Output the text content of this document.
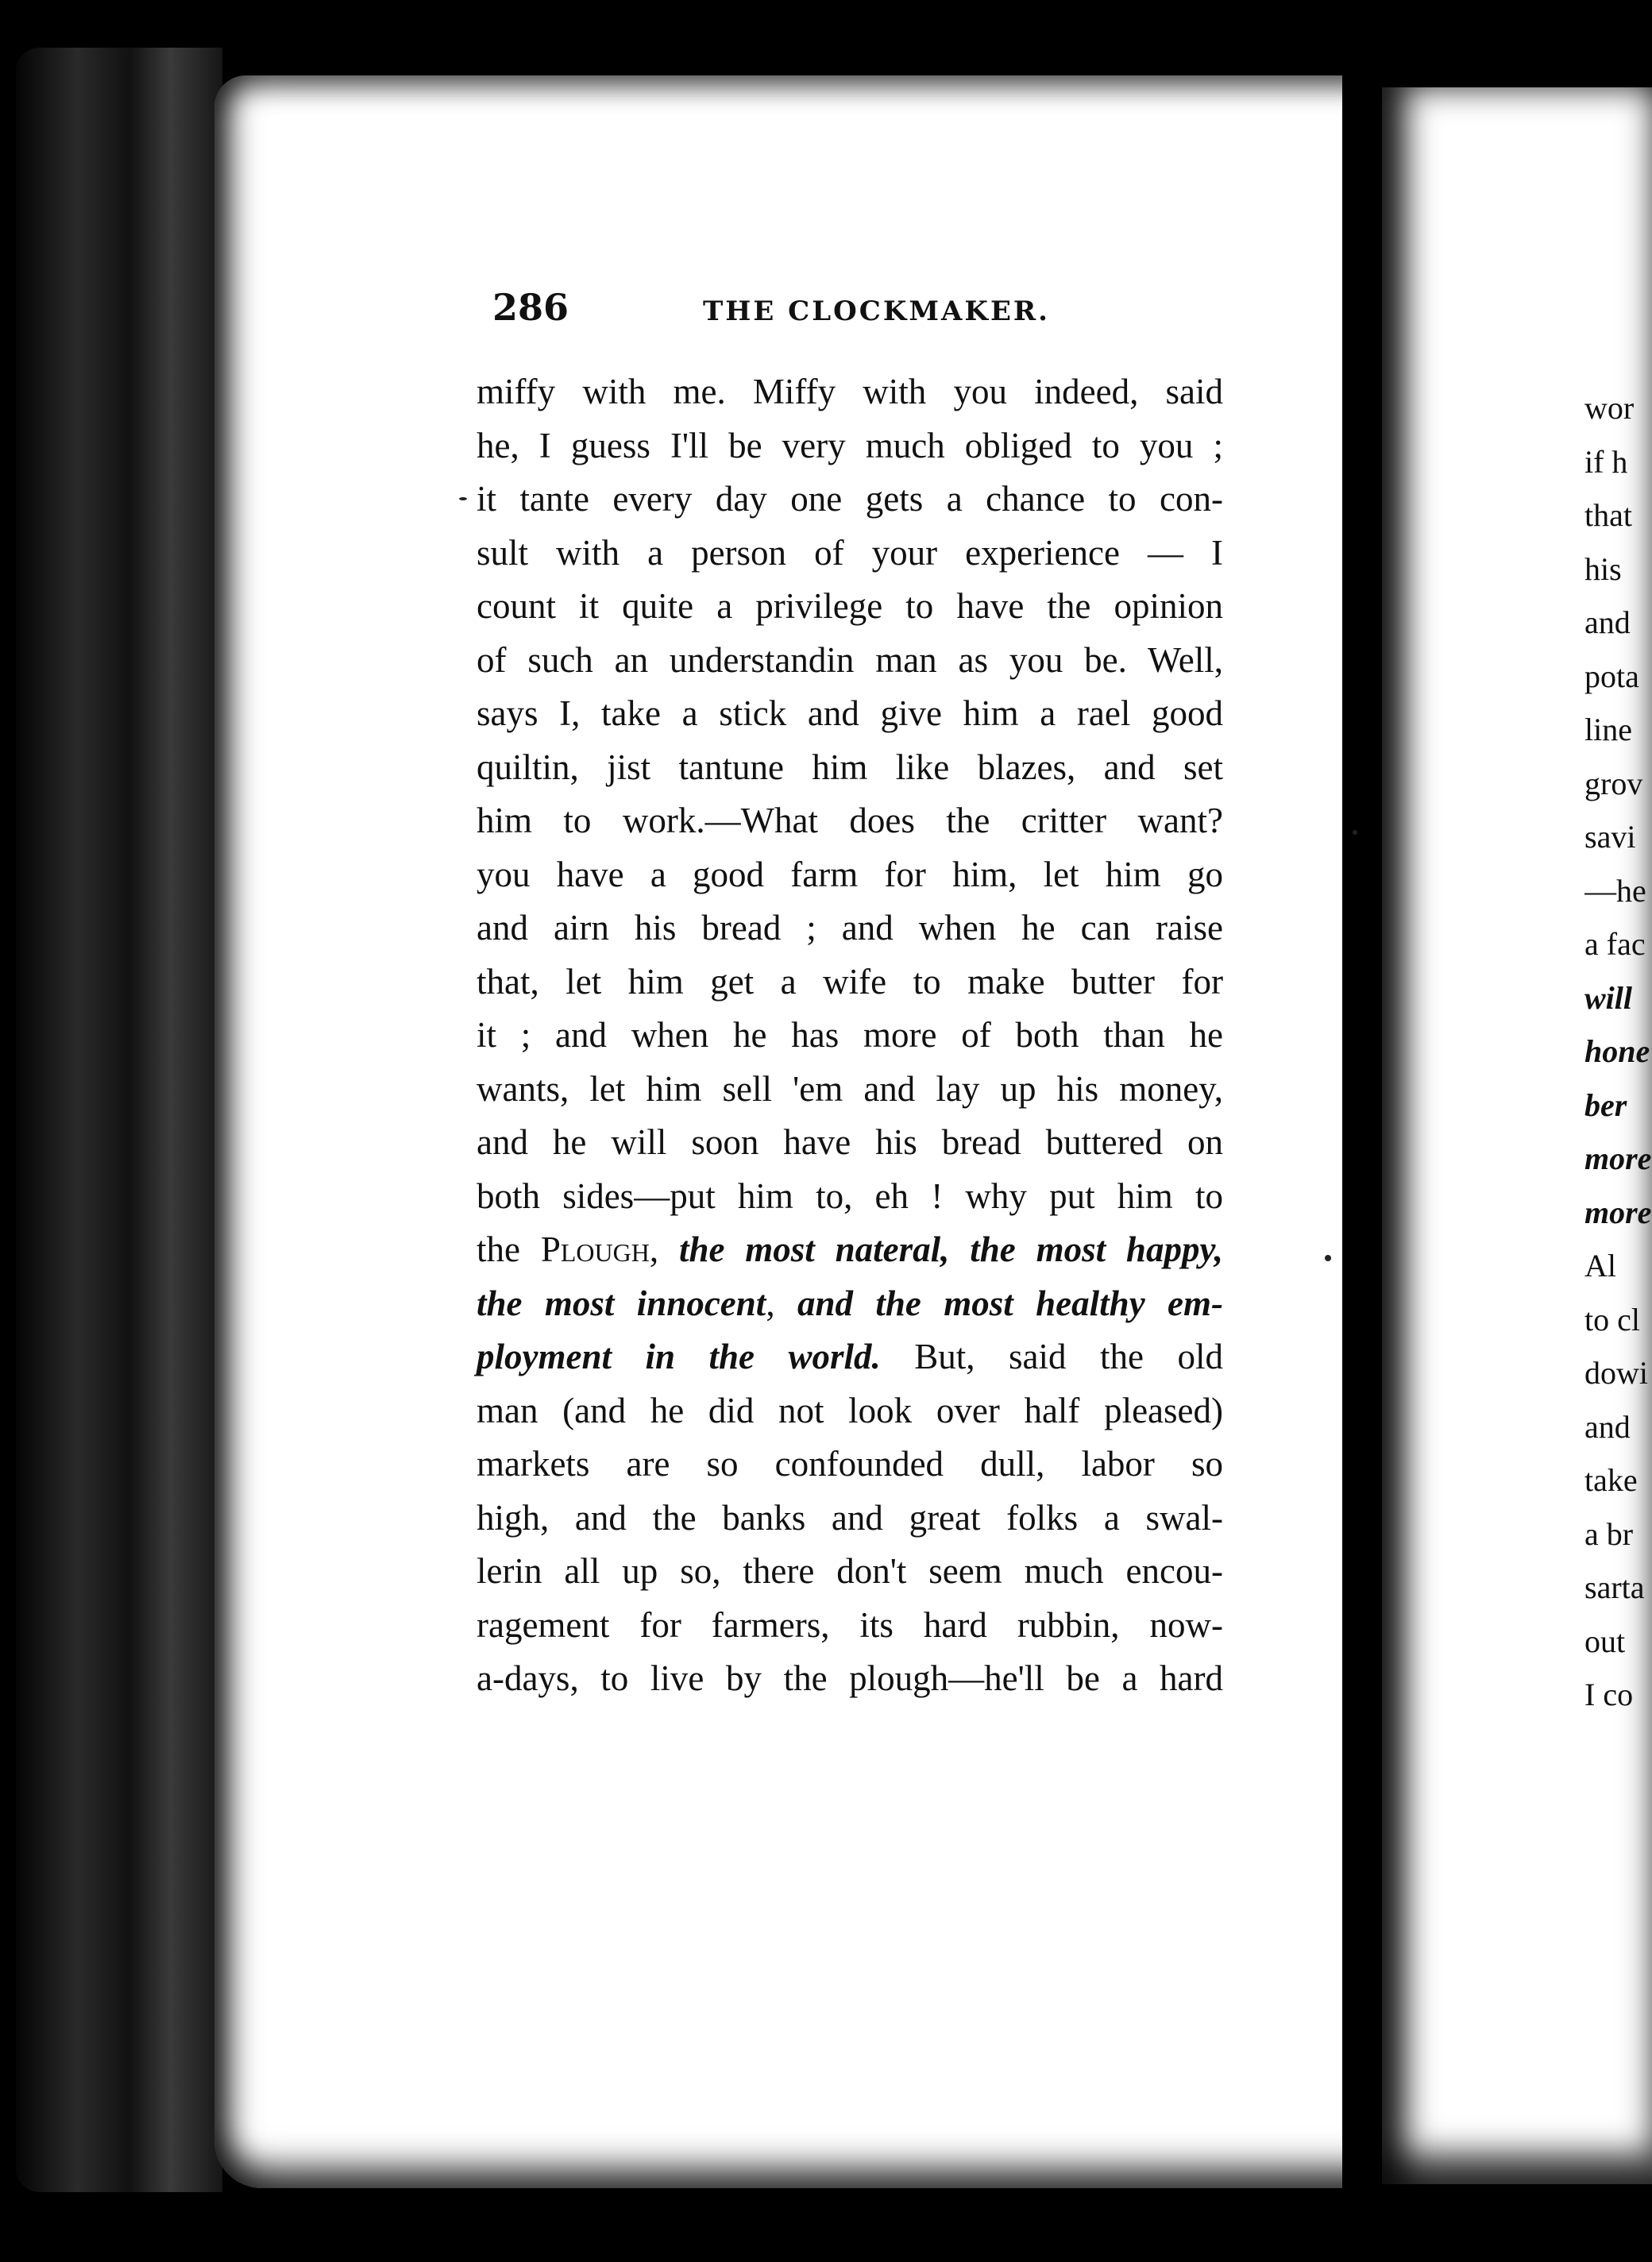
286	THE CLOCKMAKER.
miffy with me. Miffy with you indeed, said
he, I guess I'll be very much obliged to you ;
it tante every day one gets a chance to con-
sult with a person of your experience — I
count it quite a privilege to have the opinion
of such an understandin man as you be. Well,
says I, take a stick and give him a rael good
quiltin, jist tantune him like blazes, and set
him to work.—What does the critter want?
you have a good farm for him, let him go
and airn his bread ; and when he can raise
that, let him get a wife to make butter for
it ; and when he has more of both than he
wants, let him sell 'em and lay up his money,
and he will soon have his bread buttered on
both sides—put him to, eh ! why put him to
the Plough, the most nateral, the most happy,
the most innocent, and the most healthy em-
ployment in the world. But, said the old
man (and he did not look over half pleased)
markets are so confounded dull, labor so
high, and the banks and great folks a swal-
lerin all up so, there don't seem much encou-
ragement for farmers, its hard rubbin, now-
a-days, to live by the plough—he'll be a hard
wor
if h
that
his
and
pota
line
grov
savi
—he
a fac
will
hone
ber
more
more
Al
to cl
dowi
and
take
a br
sarta
out
I co
